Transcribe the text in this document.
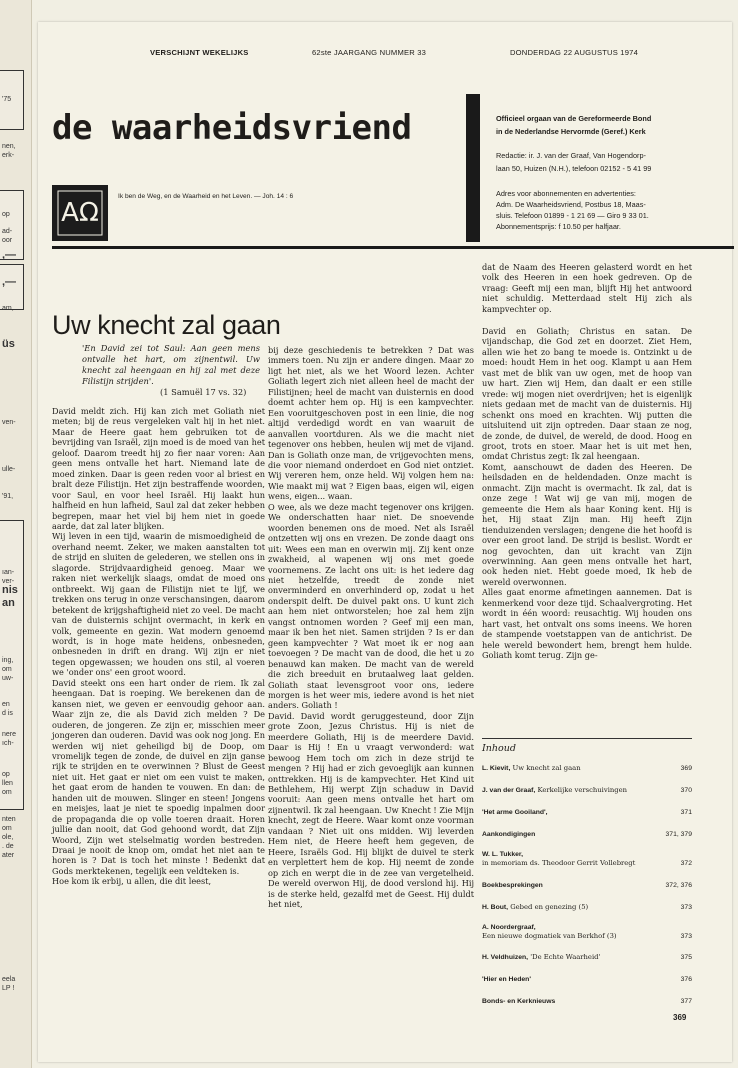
'75
nen,
erk-
op
ad-
oor
,—
,—
am,
üs
ven-
ulle-
'91,
ıan-
ver-
nis
an
ing,
om
uw-
en
d is
nere
ıch-
op
llen
om
nten
om
ole,
. de
ater
eela
LP !
VERSCHIJNT WEKELIJKS	62ste JAARGANG NUMMER 33	DONDERDAG 22 AUGUSTUS 1974
de waarheidsvriend	Officieel orgaan van de Gereformeerde Bond
in de Nederlandse Hervormde (Geref.) Kerk
Redactie: ir. J. van der Graaf, Van Hogendorp-
laan 50, Huizen (N.H.), telefoon 02152 - 5 41 99
Adres voor abonnementen en advertenties:
Adm. De Waarheidsvriend, Postbus 18, Maas-
sluis. Telefoon 01899 - 1 21 69 — Giro 9 33 01.
Abonnementsprijs: f 10.50 per halfjaar.
AΩ
Ik ben de Weg, en de Waarheid en het Leven. — Joh. 14 : 6
Uw knecht zal gaan
'En David zei tot Saul: Aan geen mens ontvalle het hart, om zijnentwil. Uw knecht zal heengaan en hij zal met deze Filistijn strijden'.
(1 Samuël 17 vs. 32)

David meldt zich. Hij kan zich met Goliath niet meten; bij de reus vergeleken valt hij in het niet. Maar de Heere gaat hem gebruiken tot de bevrijding van Israël, zijn moed is de moed van het geloof. Daarom treedt hij zo fier naar voren: Aan geen mens ontvalle het hart. Niemand late de moed zinken. Daar is geen reden voor al briest en bralt deze Filistijn. Het zijn bestraffende woorden, voor Saul, en voor heel Israël. Hij laakt hun halfheid en hun lafheid, Saul zal dat zeker hebben begrepen, maar het viel bij hem niet in goede aarde, dat zal later blijken.

Wij leven in een tijd, waarin de mismoedigheid de overhand neemt. Zeker, we maken aanstalten tot de strijd en sluiten de gelederen, we stellen ons in slagorde. Strijdvaardigheid genoeg. Maar we raken niet werkelijk slaags, omdat de moed ons ontbreekt. Wij gaan de Filistijn niet te lijf, we trekken ons terug in onze verschansingen, daarom betekent de krijgshaftigheid niet zo veel. De macht van de duisternis schijnt overmacht, in kerk en volk, gemeente en gezin. Wat modern genoemd wordt, is in hoge mate heidens, onbesneden, onbesneden in drift en drang. Wij zijn er niet tegen opgewassen; we houden ons stil, al voeren we 'onder ons' een groot woord.

David steekt ons een hart onder de riem. Ik zal heengaan. Dat is roeping. We berekenen dan de kansen niet, we geven er eenvoudig gehoor aan. Waar zijn ze, die als David zich melden ? De ouderen, de jongeren. Ze zijn er, misschien meer jongeren dan ouderen. David was ook nog jong. En werden wij niet geheiligd bij de Doop, om vromelijk tegen de zonde, de duivel en zijn ganse rijk te strijden en te overwinnen ? Blust de Geest niet uit. Het gaat er niet om een vuist te maken, het gaat erom de handen te vouwen. En dan: de handen uit de mouwen. Slinger en steen! Jongens en meisjes, laat je niet te spoedig inpalmen door de propaganda die op volle toeren draait. Horen jullie dan nooit, dat God gehoond wordt, dat Zijn Woord, Zijn wet stelselmatig worden bestreden. Draai je nooit de knop om, omdat het niet aan te horen is ? Dat is toch het minste ! Bedenkt dat Gods merktekenen, tegelijk een veldteken is.

Hoe kom ik erbij, u allen, die dit leest,

bij deze geschiedenis te betrekken ? Dat was immers toen. Nu zijn er andere dingen. Maar zo ligt het niet, als we het Woord lezen. Achter Goliath legert zich niet alleen heel de macht der Filistijnen; heel de macht van duisternis en dood doemt achter hem op. Hij is een kampvechter. Een vooruitgeschoven post in een linie, die nog altijd verdedigd wordt en van waaruit de aanvallen voortduren. Als we die macht niet tegenover ons hebben, heulen wij met de vijand. Dan is Goliath onze man, de vrijgevochten mens, die voor niemand onderdoet en God niet ontziet. Wij vereren hem, onze held. Wij volgen hem na: Wie maakt mij wat ? Eigen baas, eigen wil, eigen wens, eigen... waan.

O wee, als we deze macht tegenover ons krijgen. We onderschatten haar niet. De snoevende woorden benemen ons de moed. Net als Israël ontzetten wij ons en vrezen. De zonde daagt ons uit: Wees een man en overwin mij. Zij kent onze zwakheid, al wapenen wij ons met goede voornemens. Ze lacht ons uit: is het iedere dag niet hetzelfde, treedt de zonde niet onverminderd en onverhinderd op, zodat u het onderspit delft. De duivel pakt ons. U kunt zich aan hem niet ontworstelen; hoe zal hem zijn vangst ontnomen worden ? Geef mij een man, maar ik ben het niet. Samen strijden ? Is er dan geen kampvechter ? Wat moet ik er nog aan toevoegen ? De macht van de dood, die het u zo benauwd kan maken. De macht van de wereld die zich breeduit en brutaalweg laat gelden. Goliath staat levensgroot voor ons, iedere morgen is het weer mis, iedere avond is het niet anders. Goliath !

David. David wordt geruggesteund, door Zijn grote Zoon, Jezus Christus. Hij is niet de meerdere Goliath, Hij is de meerdere David. Daar is Hij ! En u vraagt verwonderd: wat bewoog Hem toch om zich in deze strijd te mengen ? Hij had er zich gevoeglijk aan kunnen onttrekken. Hij is de kampvechter. Het Kind uit Bethlehem, Hij werpt Zijn schaduw in David vooruit: Aan geen mens ontvalle het hart om zijnentwil. Ik zal heengaan. Uw Knecht ! Zie Mijn knecht, zegt de Heere. Waar komt onze voorman vandaan ? Niet uit ons midden. Wij leverden Hem niet, de Heere heeft hem gegeven, de Heere, Israëls God. Hij blijkt de duivel te sterk en verplettert hem de kop. Hij neemt de zonde op zich en werpt die in de zee van vergetelheid. De wereld overwon Hij, de dood verslond hij. Hij is de sterke held, gezalfd met de Geest. Hij duldt het niet,

dat de Naam des Heeren gelasterd wordt en het volk des Heeren in een hoek gedreven. Op de vraag: Geeft mij een man, blijft Hij het antwoord niet schuldig. Metterdaad stelt Hij zich als kampvechter op.

David en Goliath; Christus en satan. De vijandschap, die God zet en doorzet. Ziet Hem, allen wie het zo bang te moede is. Ontzinkt u de moed: houdt Hem in het oog. Klampt u aan Hem vast met de blik van uw ogen, met de hoop van uw hart. Zien wij Hem, dan daalt er een stille vrede: wij mogen niet overdrijven; het is eigenlijk niets gedaan met de macht van de duisternis. Hij schenkt ons moed en krachten. Wij putten die uitsluitend uit zijn optreden. Daar staan ze nog, de zonde, de duivel, de wereld, de dood. Hoog en groot, trots en stoer. Maar het is uit met hen, omdat Christus zegt: Ik zal heengaan.

Komt, aanschouwt de daden des Heeren. De heilsdaden en de heldendaden. Onze macht is onmacht. Zijn macht is overmacht. Ik zal, dat is onze zege ! Wat wij ge van mij, mogen de gemeente die Hem als haar Koning kent. Hij is het, Hij staat Zijn man. Hij heeft Zijn tienduizenden verslagen; dengene die het hoofd is over een groot land. De strijd is beslist. Wordt er nog gevochten, dan uit kracht van Zijn overwinning. Aan geen mens ontvalle het hart, ook heden niet. Hebt goede moed, Ik heb de wereld overwonnen.

Alles gaat enorme afmetingen aannemen. Dat is kenmerkend voor deze tijd. Schaalvergroting. Het wordt in één woord: reusachtig. Wij houden ons hart vast, het ontvalt ons soms ineens. We horen de stampende voetstappen van de antichrist. De hele wereld bewondert hem, brengt hem hulde. Goliath komt terug. Zijn ge-

Inhoud
L. Kievit, Uw knecht zal gaan	369
J. van der Graaf, Kerkelijke verschuivingen	370
'Het arme Gooiland',	371
Aankondigingen	371, 379
W. L. Tukker,
in memoriam ds. Theodoor Gerrit Vollebregt	372
Boekbesprekingen	372, 376
H. Bout, Gebed en genezing (5)	373
A. Noordergraaf,
Een nieuwe dogmatiek van Berkhof (3)	373
H. Veldhuizen, 'De Echte Waarheid'	375
'Hier en Heden'	376
Bonds- en Kerknieuws	377
369
